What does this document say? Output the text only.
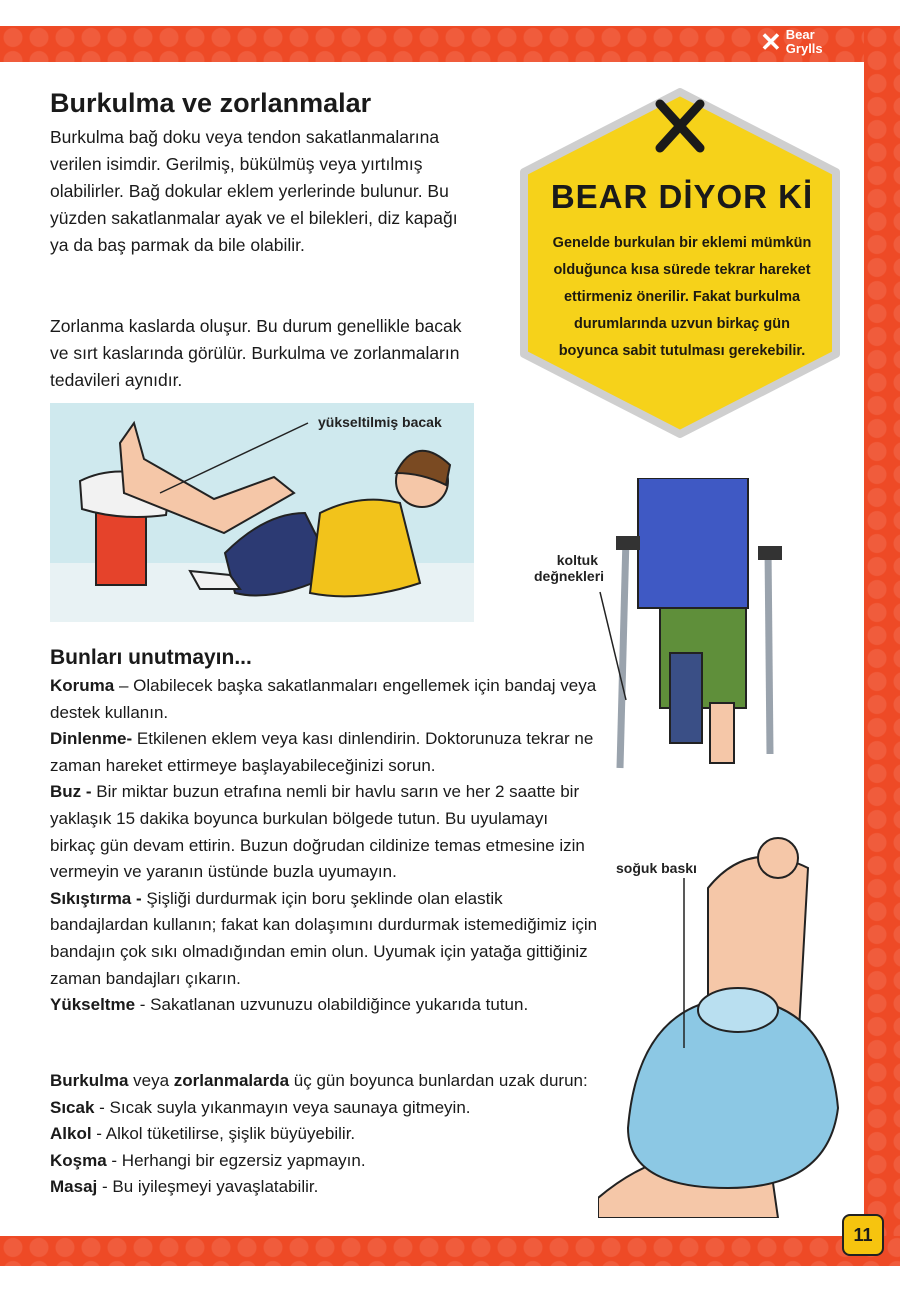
✕ Bear
Grylls
Burkulma ve zorlanmalar

Burkulma bağ doku veya tendon sakatlanmalarına verilen isimdir. Gerilmiş, bükülmüş veya yırtılmış olabilirler. Bağ dokular eklem yerlerinde bulunur. Bu yüzden sakatlanmalar ayak ve el bilekleri, diz kapağı ya da baş parmak da bile olabilir.

Zorlanma kaslarda oluşur. Bu durum genellikle bacak ve sırt kaslarında görülür. Burkulma ve zorlanmaların tedavileri aynıdır.

BEAR DİYOR Kİ
Genelde burkulan bir eklemi mümkün olduğunca kısa sürede tekrar hareket ettirmeniz önerilir. Fakat burkulma durumlarında uzvun birkaç gün boyunca sabit tutulması gerekebilir.
yükseltilmiş bacak
koltuk
değnekleri
soğuk baskı
Bunları unutmayın...
Koruma – Olabilecek başka sakatlanmaları engellemek için bandaj veya destek kullanın.
Dinlenme- Etkilenen eklem veya kası dinlendirin. Doktorunuza tekrar ne zaman hareket ettirmeye başlayabileceğinizi sorun.
Buz - Bir miktar buzun etrafına nemli bir havlu sarın ve her 2 saatte bir yaklaşık 15 dakika boyunca burkulan bölgede tutun. Bu uyulamayı birkaç gün devam ettirin. Buzun doğrudan cildinize temas etmesine izin vermeyin ve yaranın üstünde buzla uyumayın.
Sıkıştırma - Şişliği durdurmak için boru şeklinde olan elastik bandajlardan kullanın; fakat kan dolaşımını durdurmak istemediğimiz için bandajın çok sıkı olmadığından emin olun. Uyumak için yatağa gittiğiniz zaman bandajları çıkarın.
Yükseltme - Sakatlanan uzvunuzu olabildiğince yukarıda tutun.
Burkulma veya zorlanmalarda üç gün boyunca bunlardan uzak durun:
Sıcak - Sıcak suyla yıkanmayın veya saunaya gitmeyin.
Alkol - Alkol tüketilirse, şişlik büyüyebilir.
Koşma - Herhangi bir egzersiz yapmayın.
Masaj - Bu iyileşmeyi yavaşlatabilir.
11
